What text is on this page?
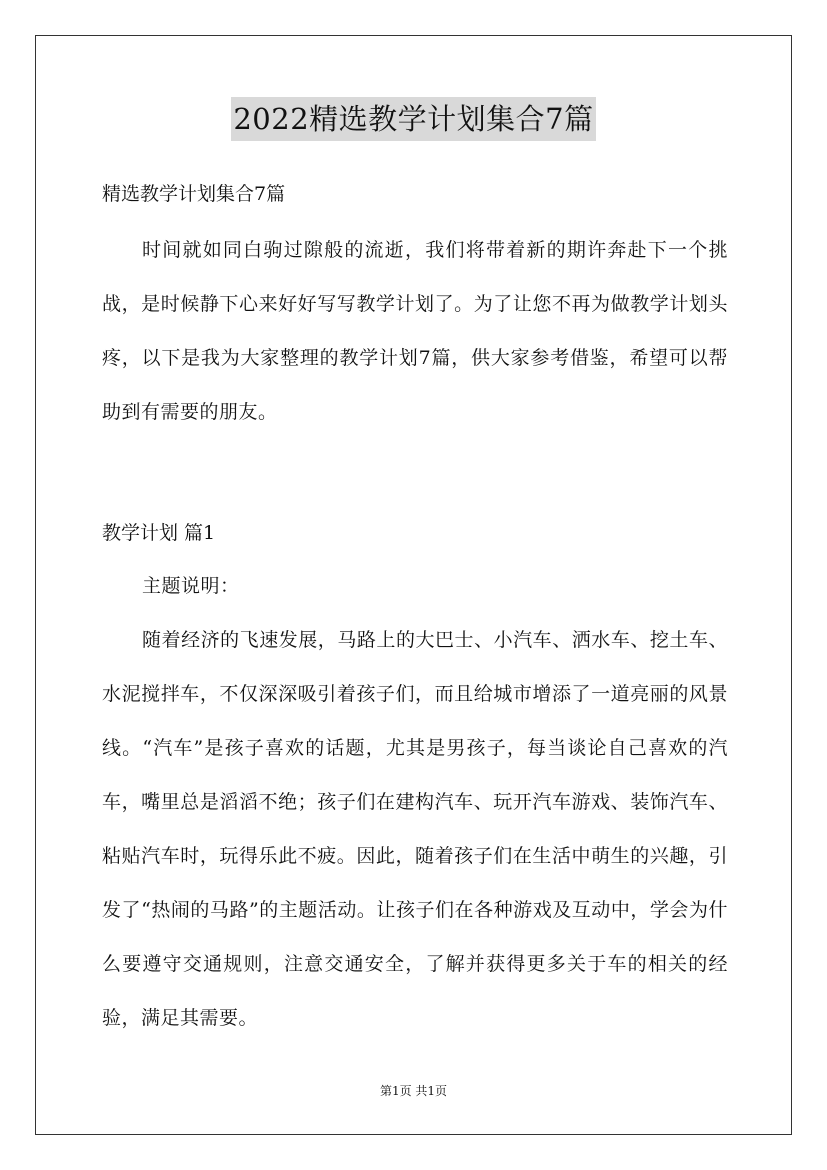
2022精选教学计划集合7篇

精选教学计划集合7篇

时间就如同白驹过隙般的流逝，我们将带着新的期许奔赴下一个挑战，是时候静下心来好好写写教学计划了。为了让您不再为做教学计划头疼，以下是我为大家整理的教学计划7篇，供大家参考借鉴，希望可以帮助到有需要的朋友。

教学计划 篇1

主题说明：

随着经济的飞速发展，马路上的大巴士、小汽车、洒水车、挖土车、水泥搅拌车，不仅深深吸引着孩子们，而且给城市增添了一道亮丽的风景线。“汽车”是孩子喜欢的话题，尤其是男孩子，每当谈论自己喜欢的汽车，嘴里总是滔滔不绝；孩子们在建构汽车、玩开汽车游戏、装饰汽车、粘贴汽车时，玩得乐此不疲。因此，随着孩子们在生活中萌生的兴趣，引发了“热闹的马路”的主题活动。让孩子们在各种游戏及互动中，学会为什么要遵守交通规则，注意交通安全，了解并获得更多关于车的相关的经验，满足其需要。

第1页 共1页
